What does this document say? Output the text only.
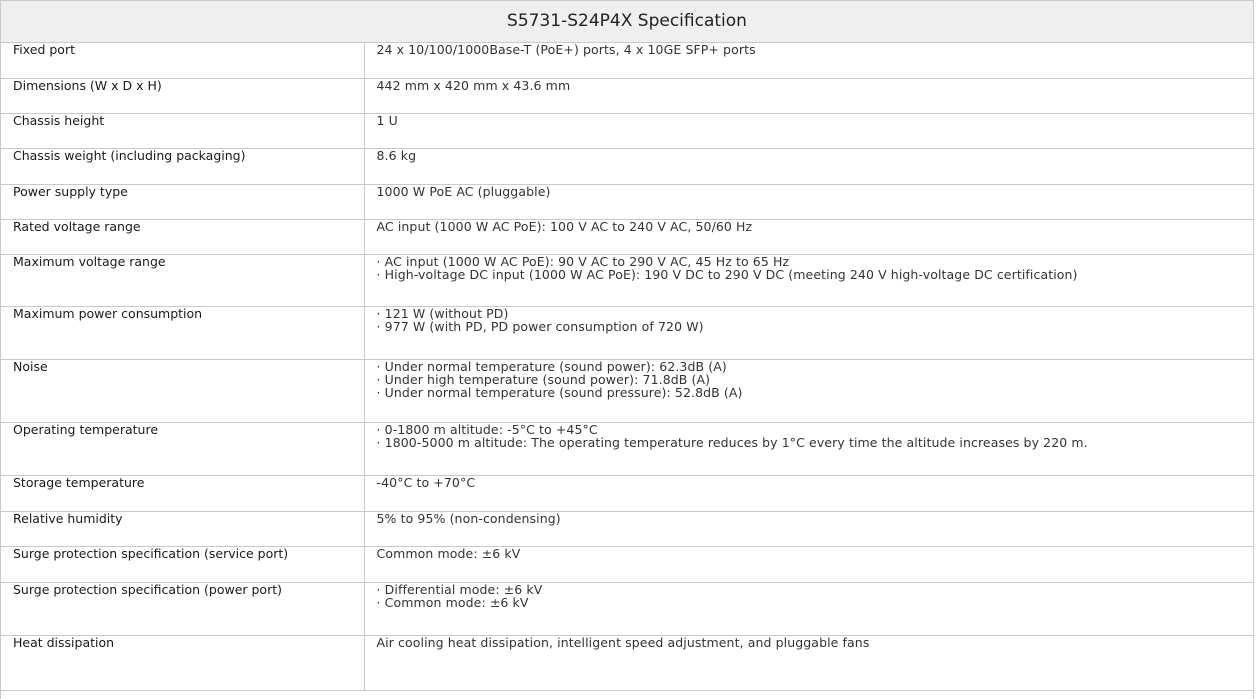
S5731-S24P4X Specification
Fixed port	24 x 10/100/1000Base-T (PoE+) ports, 4 x 10GE SFP+ ports

Dimensions (W x D x H)	442 mm x 420 mm x 43.6 mm

Chassis height	1 U

Chassis weight (including packaging)	8.6 kg

Power supply type	1000 W PoE AC (pluggable)

Rated voltage range	AC input (1000 W AC PoE): 100 V AC to 240 V AC, 50/60 Hz

Maximum voltage range	· AC input (1000 W AC PoE): 90 V AC to 290 V AC, 45 Hz to 65 Hz
· High-voltage DC input (1000 W AC PoE): 190 V DC to 290 V DC (meeting 240 V high-voltage DC certification)

Maximum power consumption	· 121 W (without PD)
· 977 W (with PD, PD power consumption of 720 W)

Noise	· Under normal temperature (sound power): 62.3dB (A)
· Under high temperature (sound power): 71.8dB (A)
· Under normal temperature (sound pressure): 52.8dB (A)

Operating temperature	· 0-1800 m altitude: -5°C to +45°C
· 1800-5000 m altitude: The operating temperature reduces by 1°C every time the altitude increases by 220 m.

Storage temperature	-40°C to +70°C

Relative humidity	5% to 95% (non-condensing)

Surge protection specification (service port)	Common mode: ±6 kV

Surge protection specification (power port)	· Differential mode: ±6 kV
· Common mode: ±6 kV

Heat dissipation	Air cooling heat dissipation, intelligent speed adjustment, and pluggable fans
